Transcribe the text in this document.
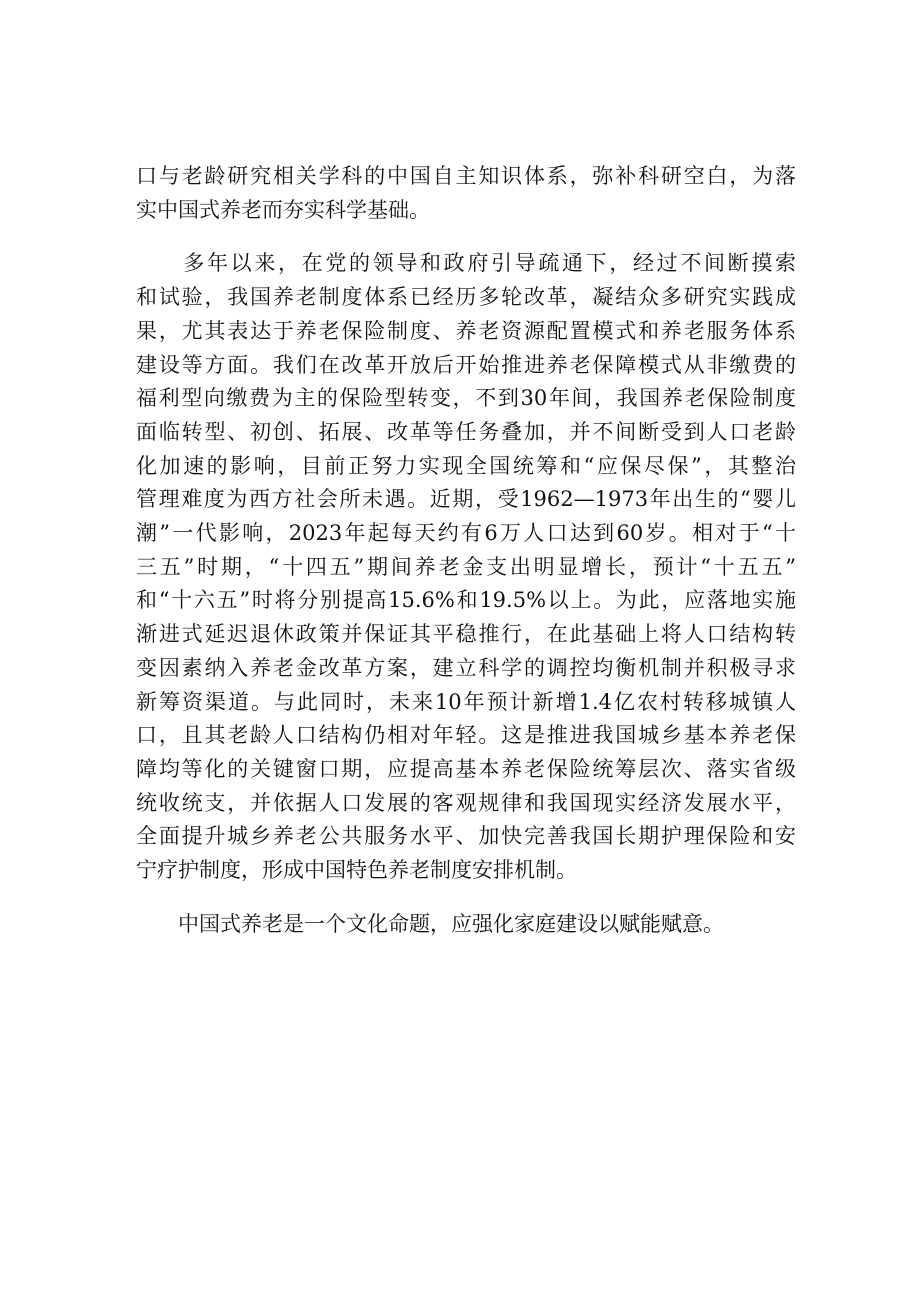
口与老龄研究相关学科的中国自主知识体系，弥补科研空白，为落
实中国式养老而夯实科学基础。
　　多年以来，在党的领导和政府引导疏通下，经过不间断摸索
和试验，我国养老制度体系已经历多轮改革，凝结众多研究实践成
果，尤其表达于养老保险制度、养老资源配置模式和养老服务体系
建设等方面。我们在改革开放后开始推进养老保障模式从非缴费的
福利型向缴费为主的保险型转变，不到30年间，我国养老保险制度
面临转型、初创、拓展、改革等任务叠加，并不间断受到人口老龄
化加速的影响，目前正努力实现全国统筹和“应保尽保”，其整治
管理难度为西方社会所未遇。近期，受1962—1973年出生的“婴儿
潮”一代影响，2023年起每天约有6万人口达到60岁。相对于“十
三五”时期，“十四五”期间养老金支出明显增长，预计“十五五”
和“十六五”时将分别提高15.6%和19.5%以上。为此，应落地实施
渐进式延迟退休政策并保证其平稳推行，在此基础上将人口结构转
变因素纳入养老金改革方案，建立科学的调控均衡机制并积极寻求
新筹资渠道。与此同时，未来10年预计新增1.4亿农村转移城镇人
口，且其老龄人口结构仍相对年轻。这是推进我国城乡基本养老保
障均等化的关键窗口期，应提高基本养老保险统筹层次、落实省级
统收统支，并依据人口发展的客观规律和我国现实经济发展水平，
全面提升城乡养老公共服务水平、加快完善我国长期护理保险和安
宁疗护制度，形成中国特色养老制度安排机制。
　　中国式养老是一个文化命题，应强化家庭建设以赋能赋意。
